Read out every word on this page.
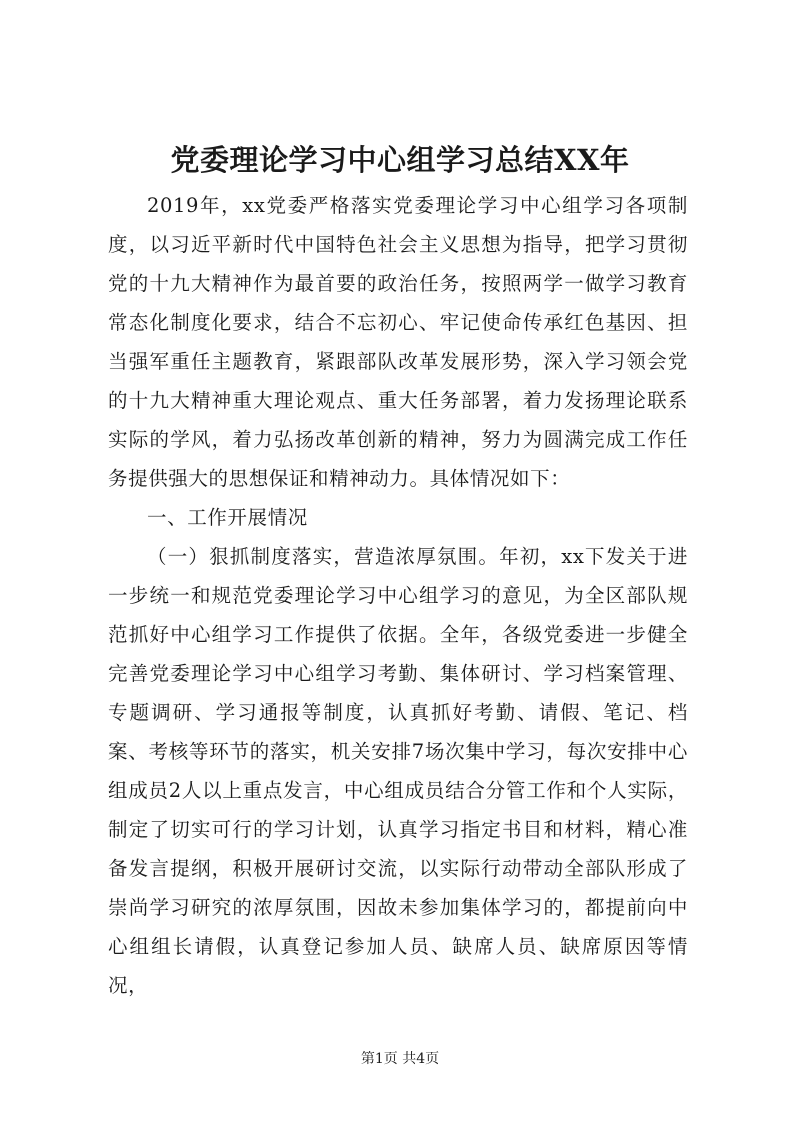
党委理论学习中心组学习总结XX年

2019年，xx党委严格落实党委理论学习中心组学习各项制度，以习近平新时代中国特色社会主义思想为指导，把学习贯彻党的十九大精神作为最首要的政治任务，按照两学一做学习教育常态化制度化要求，结合不忘初心、牢记使命传承红色基因、担当强军重任主题教育，紧跟部队改革发展形势，深入学习领会党的十九大精神重大理论观点、重大任务部署，着力发扬理论联系实际的学风，着力弘扬改革创新的精神，努力为圆满完成工作任务提供强大的思想保证和精神动力。具体情况如下：

一、工作开展情况

（一）狠抓制度落实，营造浓厚氛围。年初，xx下发关于进一步统一和规范党委理论学习中心组学习的意见，为全区部队规范抓好中心组学习工作提供了依据。全年，各级党委进一步健全完善党委理论学习中心组学习考勤、集体研讨、学习档案管理、专题调研、学习通报等制度，认真抓好考勤、请假、笔记、档案、考核等环节的落实，机关安排7场次集中学习，每次安排中心组成员2人以上重点发言，中心组成员结合分管工作和个人实际，制定了切实可行的学习计划，认真学习指定书目和材料，精心准备发言提纲，积极开展研讨交流，以实际行动带动全部队形成了崇尚学习研究的浓厚氛围，因故未参加集体学习的，都提前向中心组组长请假，认真登记参加人员、缺席人员、缺席原因等情况，

第1页 共4页
